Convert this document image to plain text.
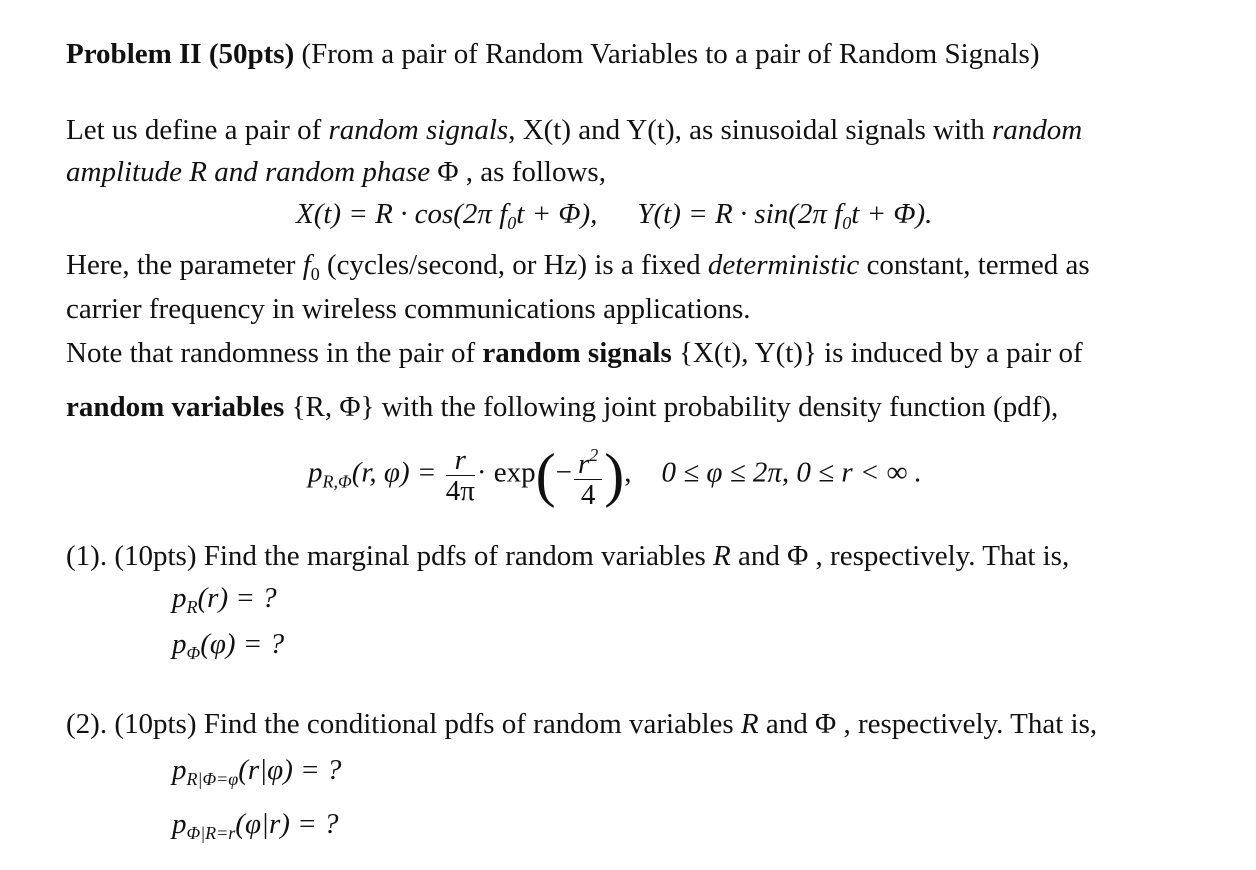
Problem II (50pts) (From a pair of Random Variables to a pair of Random Signals)
Let us define a pair of random signals, X(t) and Y(t), as sinusoidal signals with random
amplitude R and random phase Φ , as follows,
X(t) = R · cos(2π $f_0t + \Phi$), Y(t) = R · sin(2π $f_0t + \Phi$).
Here, the parameter $f_0$ (cycles/second, or Hz) is a fixed deterministic constant, termed as
carrier frequency in wireless communications applications.
Note that randomness in the pair of random signals {X(t), Y(t)} is induced by a pair of
random variables {R, Φ} with the following joint probability density function (pdf),
$p_{R,\Phi}(r$, $\varphi) = \frac{r}{4\pi} \cdot \exp(- \frac{r^2}{4}$ ), 0 ≤ φ ≤ 2π, 0 ≤ r < ∞ .
(1). (10pts) Find the marginal pdfs of random variables R and Φ , respectively. That is,
$p_R(r)$ = ?
$p_\Phi(\varphi)$ = ?
(2). (10pts) Find the conditional pdfs of random variables R and Φ , respectively. That is,
$p_{R|\Phi=\varphi}(r|\varphi)$ = ?
$p_{\Phi|R=r}(\varphi|r)$ = ?
